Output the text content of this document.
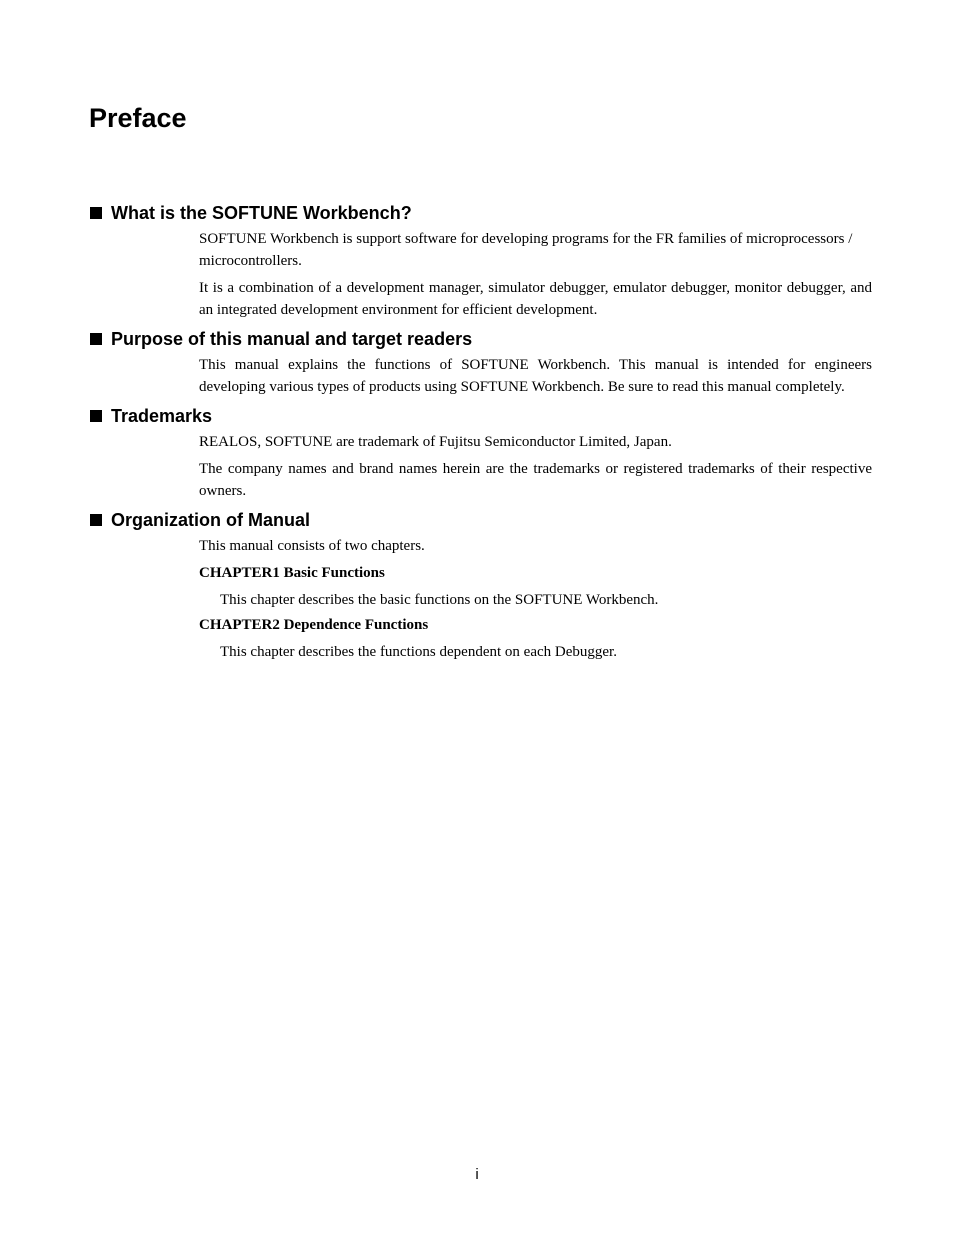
Preface
What is the SOFTUNE Workbench?

SOFTUNE Workbench is support software for developing programs for the FR families of microprocessors / microcontrollers.

It is a combination of a development manager, simulator debugger, emulator debugger, monitor debugger, and an integrated development environment for efficient development.

Purpose of this manual and target readers

This manual explains the functions of SOFTUNE Workbench. This manual is intended for engineers developing various types of products using SOFTUNE Workbench. Be sure to read this manual completely.

Trademarks

REALOS, SOFTUNE are trademark of Fujitsu Semiconductor Limited, Japan.

The company names and brand names herein are the trademarks or registered trademarks of their respective owners.

Organization of Manual

This manual consists of two chapters.

CHAPTER1 Basic Functions

This chapter describes the basic functions on the SOFTUNE Workbench.

CHAPTER2 Dependence Functions

This chapter describes the functions dependent on each Debugger.

i
